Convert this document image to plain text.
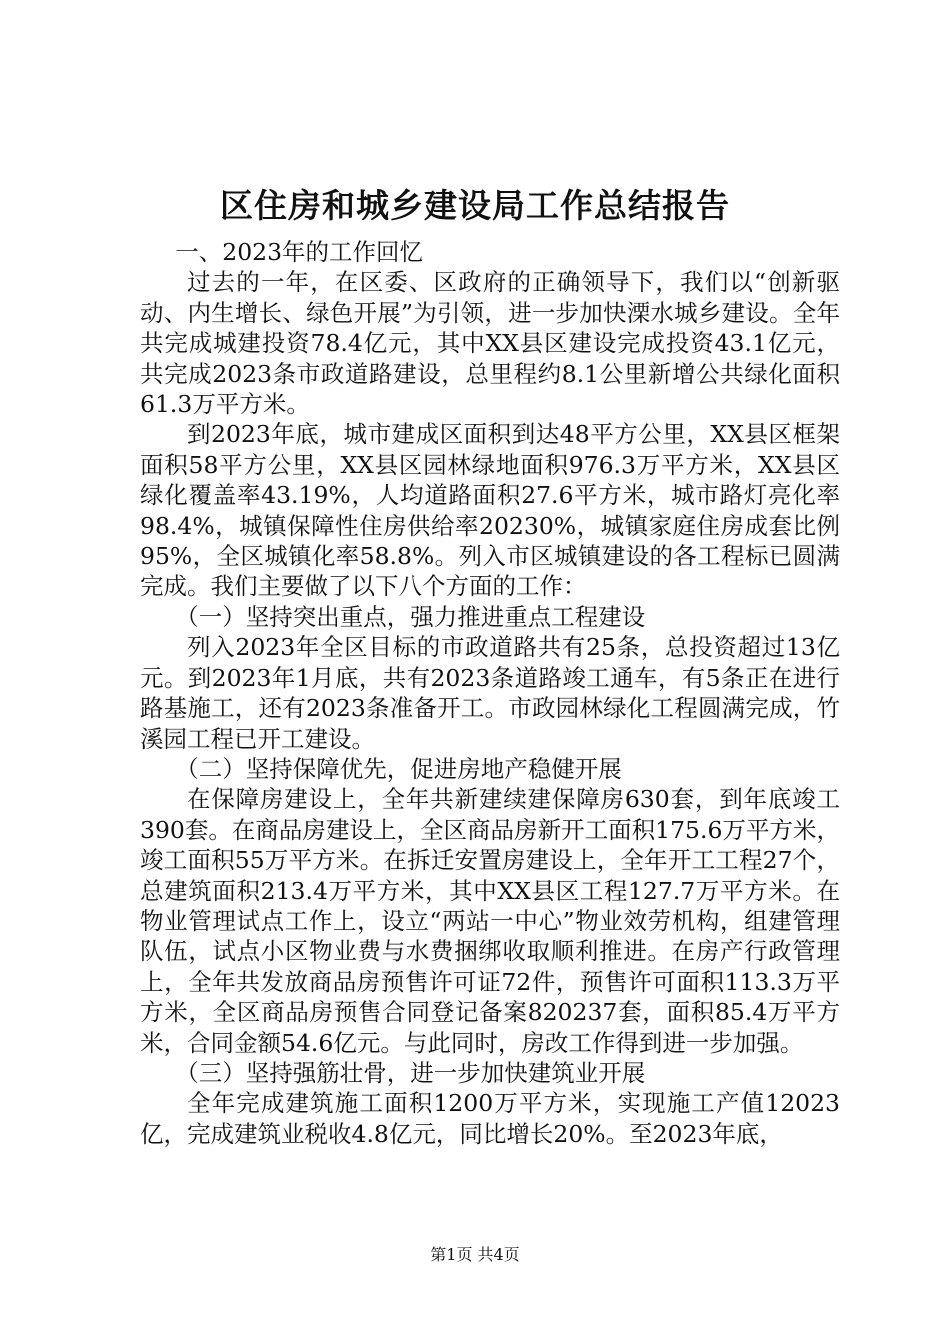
区住房和城乡建设局工作总结报告

一、2023年的工作回忆

过去的一年，在区委、区政府的正确领导下，我们以“创新驱动、内生增长、绿色开展”为引领，进一步加快溧水城乡建设。全年共完成城建投资78.4亿元，其中XX县区建设完成投资43.1亿元，共完成2023条市政道路建设，总里程约8.1公里新增公共绿化面积61.3万平方米。

到2023年底，城市建成区面积到达48平方公里，XX县区框架面积58平方公里，XX县区园林绿地面积976.3万平方米，XX县区绿化覆盖率43.19%，人均道路面积27.6平方米，城市路灯亮化率98.4%，城镇保障性住房供给率20230%，城镇家庭住房成套比例95%，全区城镇化率58.8%。列入市区城镇建设的各工程标已圆满完成。我们主要做了以下八个方面的工作：

（一）坚持突出重点，强力推进重点工程建设

列入2023年全区目标的市政道路共有25条，总投资超过13亿元。到2023年1月底，共有2023条道路竣工通车，有5条正在进行路基施工，还有2023条准备开工。市政园林绿化工程圆满完成，竹溪园工程已开工建设。

（二）坚持保障优先，促进房地产稳健开展

在保障房建设上，全年共新建续建保障房630套，到年底竣工390套。在商品房建设上，全区商品房新开工面积175.6万平方米，竣工面积55万平方米。在拆迁安置房建设上，全年开工工程27个，总建筑面积213.4万平方米，其中XX县区工程127.7万平方米。在物业管理试点工作上，设立“两站一中心”物业效劳机构，组建管理队伍，试点小区物业费与水费捆绑收取顺利推进。在房产行政管理上，全年共发放商品房预售许可证72件，预售许可面积113.3万平方米，全区商品房预售合同登记备案820237套，面积85.4万平方米，合同金额54.6亿元。与此同时，房改工作得到进一步加强。

（三）坚持强筋壮骨，进一步加快建筑业开展

全年完成建筑施工面积1200万平方米，实现施工产值12023亿，完成建筑业税收4.8亿元，同比增长20%。至2023年底，

第1页 共4页
